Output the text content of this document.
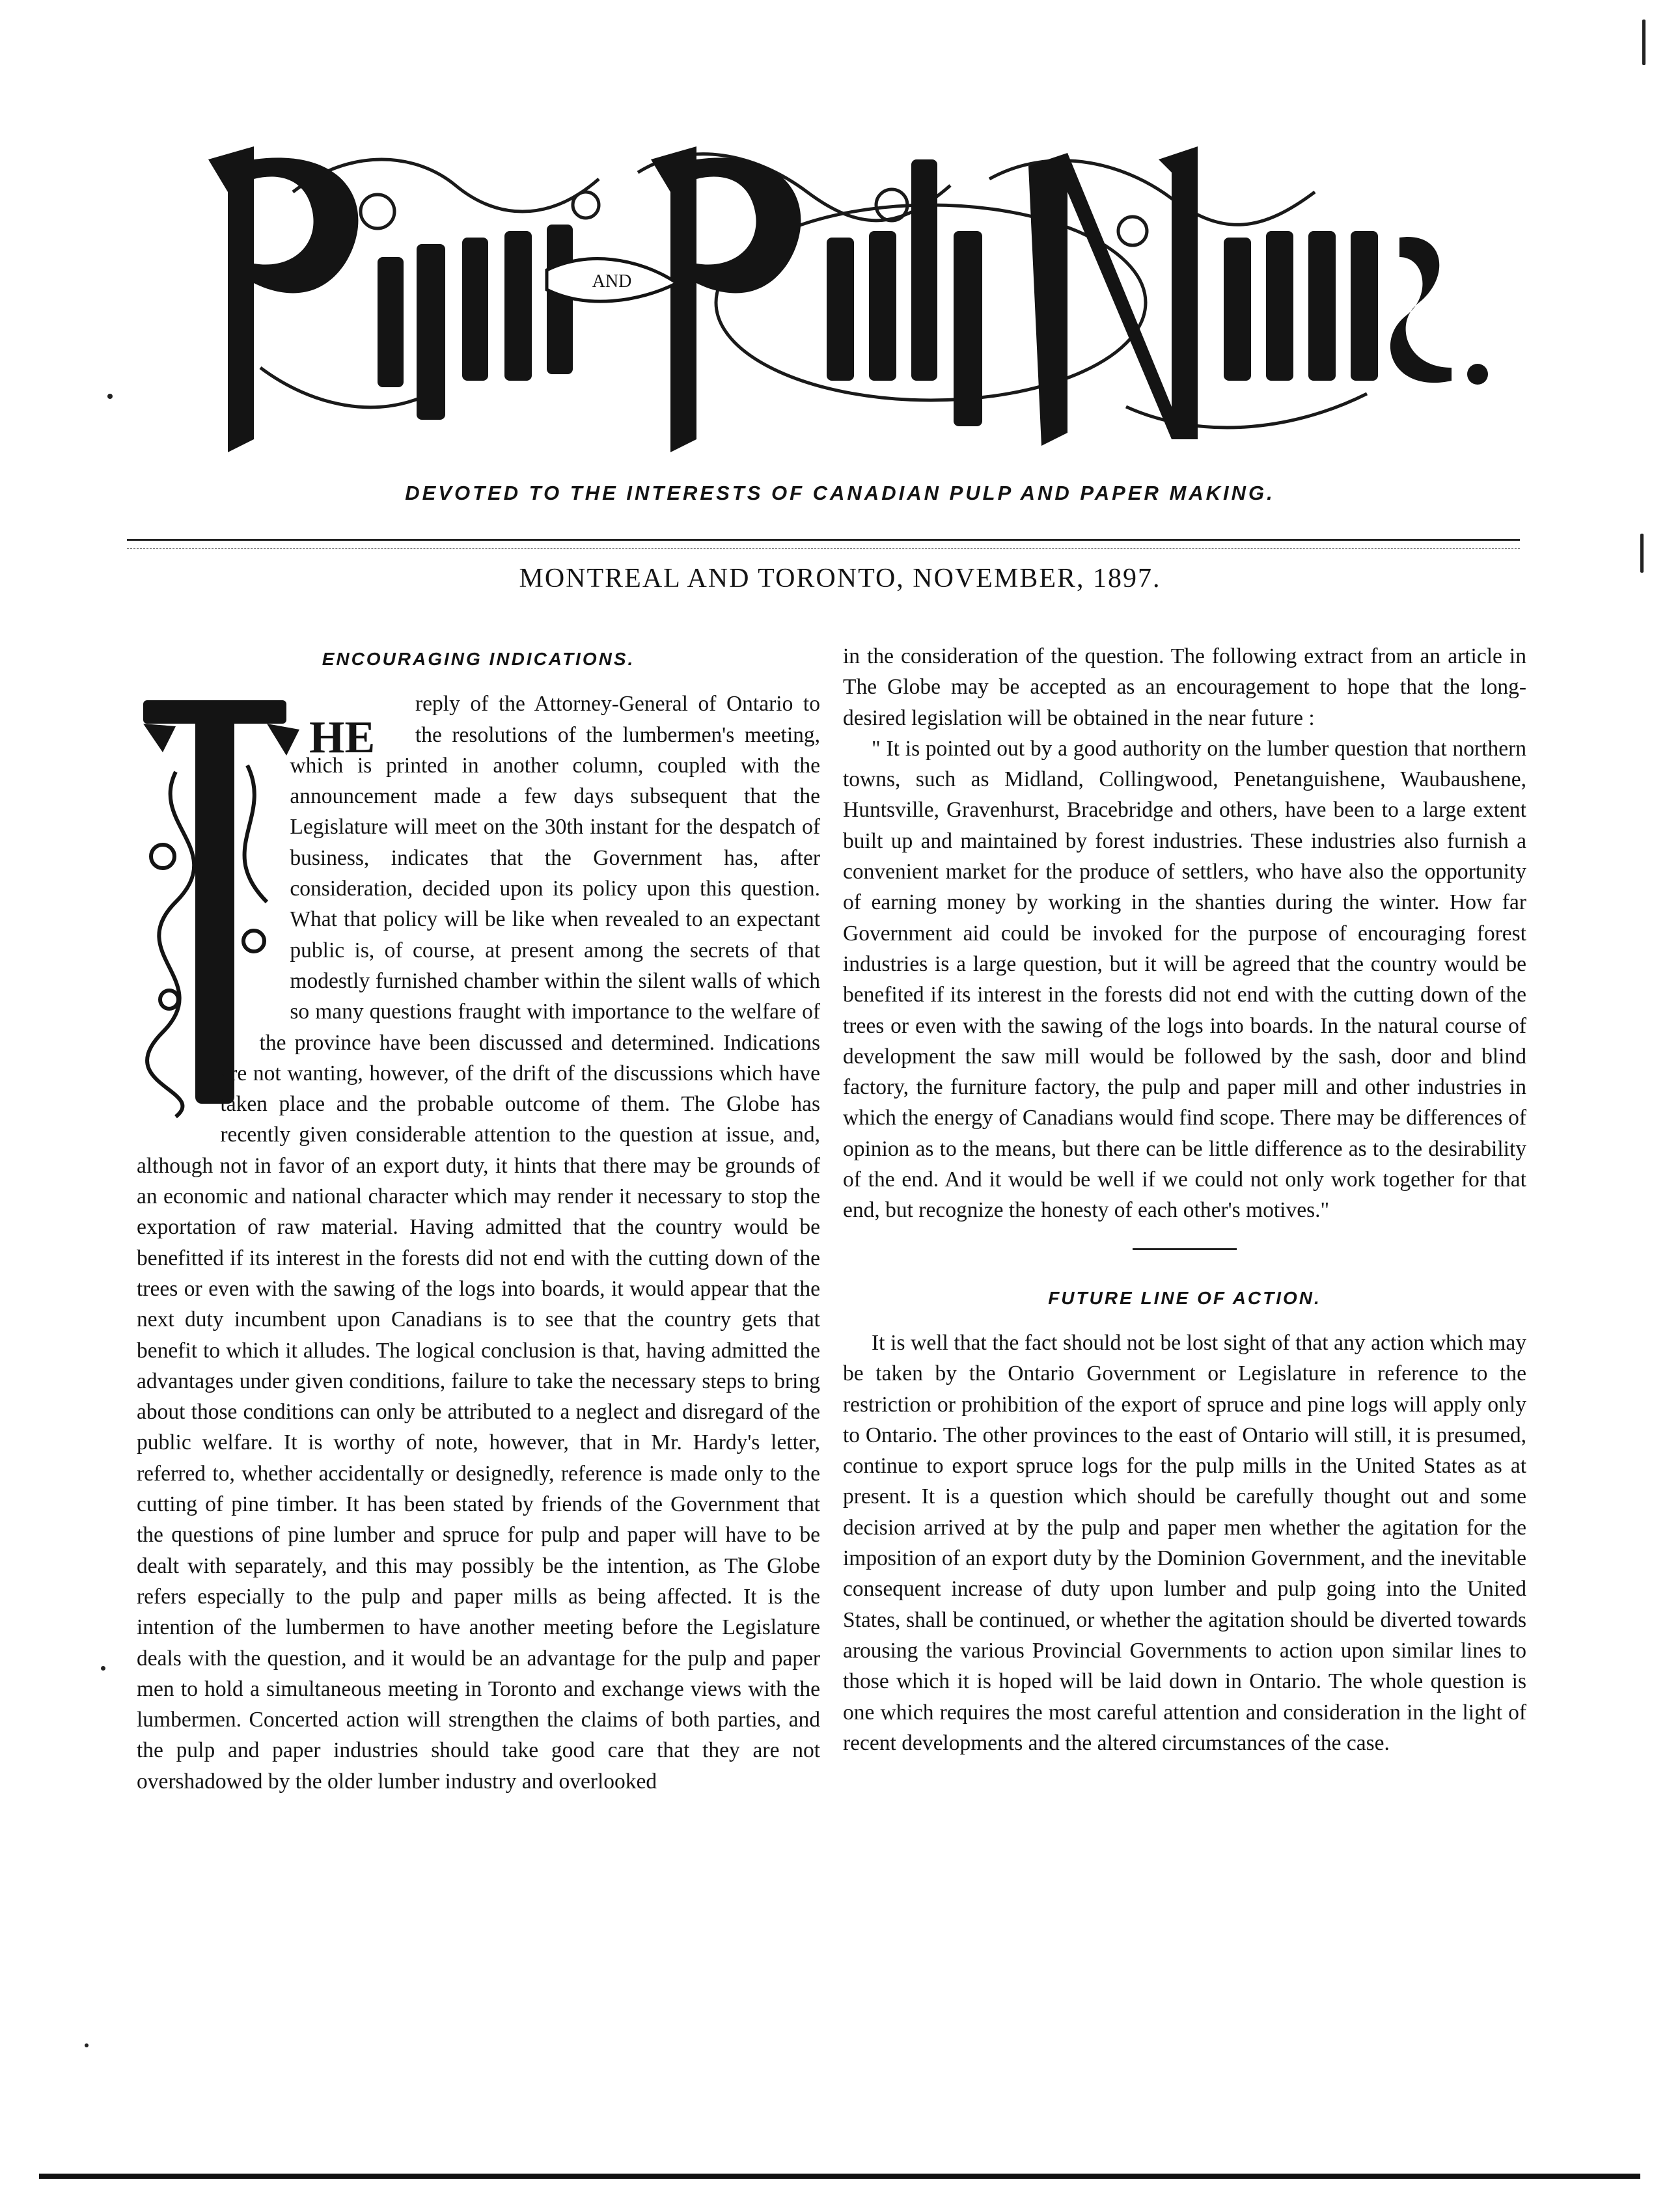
AND
DEVOTED TO THE INTERESTS OF CANADIAN PULP AND PAPER MAKING.
MONTREAL AND TORONTO, NOVEMBER, 1897.
ENCOURAGING INDICATIONS.
HE

reply of the Attorney-General of Ontario to the resolutions of the lumbermen's meeting, which is printed in another column, coupled with the announcement made a few days subsequent that the Legislature will meet on the 30th instant for the despatch of business, indicates that the Government has, after consideration, decided upon its policy upon this question. What that policy will be like when revealed to an expectant public is, of course, at present among the secrets of that modestly furnished chamber within the silent walls of which so many questions fraught with importance to the welfare of the province have been discussed and determined. Indications are not wanting, however, of the drift of the discussions which have taken place and the probable outcome of them. The Globe has recently given considerable attention to the question at issue, and, although not in favor of an export duty, it hints that there may be grounds of an economic and national character which may render it necessary to stop the exportation of raw material. Having admitted that the country would be benefitted if its interest in the forests did not end with the cutting down of the trees or even with the sawing of the logs into boards, it would appear that the next duty incumbent upon Canadians is to see that the country gets that benefit to which it alludes. The logical conclusion is that, having admitted the advantages under given conditions, failure to take the necessary steps to bring about those conditions can only be attributed to a neglect and disregard of the public welfare. It is worthy of note, however, that in Mr. Hardy's letter, referred to, whether accidentally or designedly, reference is made only to the cutting of pine timber. It has been stated by friends of the Government that the questions of pine lumber and spruce for pulp and paper will have to be dealt with separately, and this may possibly be the intention, as The Globe refers especially to the pulp and paper mills as being affected. It is the intention of the lumbermen to have another meeting before the Legislature deals with the question, and it would be an advantage for the pulp and paper men to hold a simultaneous meeting in Toronto and exchange views with the lumbermen. Concerted action will strengthen the claims of both parties, and the pulp and paper industries should take good care that they are not overshadowed by the older lumber industry and overlooked

in the consideration of the question. The following extract from an article in The Globe may be accepted as an encouragement to hope that the long-desired legislation will be obtained in the near future :

" It is pointed out by a good authority on the lumber question that northern towns, such as Midland, Collingwood, Penetanguishene, Waubaushene, Huntsville, Gravenhurst, Bracebridge and others, have been to a large extent built up and maintained by forest industries. These industries also furnish a convenient market for the produce of settlers, who have also the opportunity of earning money by working in the shanties during the winter. How far Government aid could be invoked for the purpose of encouraging forest industries is a large question, but it will be agreed that the country would be benefited if its interest in the forests did not end with the cutting down of the trees or even with the sawing of the logs into boards. In the natural course of development the saw mill would be followed by the sash, door and blind factory, the furniture factory, the pulp and paper mill and other industries in which the energy of Canadians would find scope. There may be differences of opinion as to the means, but there can be little difference as to the desirability of the end. And it would be well if we could not only work together for that end, but recognize the honesty of each other's motives."

FUTURE LINE OF ACTION.

It is well that the fact should not be lost sight of that any action which may be taken by the Ontario Government or Legislature in reference to the restriction or prohibition of the export of spruce and pine logs will apply only to Ontario. The other provinces to the east of Ontario will still, it is presumed, continue to export spruce logs for the pulp mills in the United States as at present. It is a question which should be carefully thought out and some decision arrived at by the pulp and paper men whether the agitation for the imposition of an export duty by the Dominion Government, and the inevitable consequent increase of duty upon lumber and pulp going into the United States, shall be continued, or whether the agitation should be diverted towards arousing the various Provincial Governments to action upon similar lines to those which it is hoped will be laid down in Ontario. The whole question is one which requires the most careful attention and consideration in the light of recent developments and the altered circumstances of the case.
